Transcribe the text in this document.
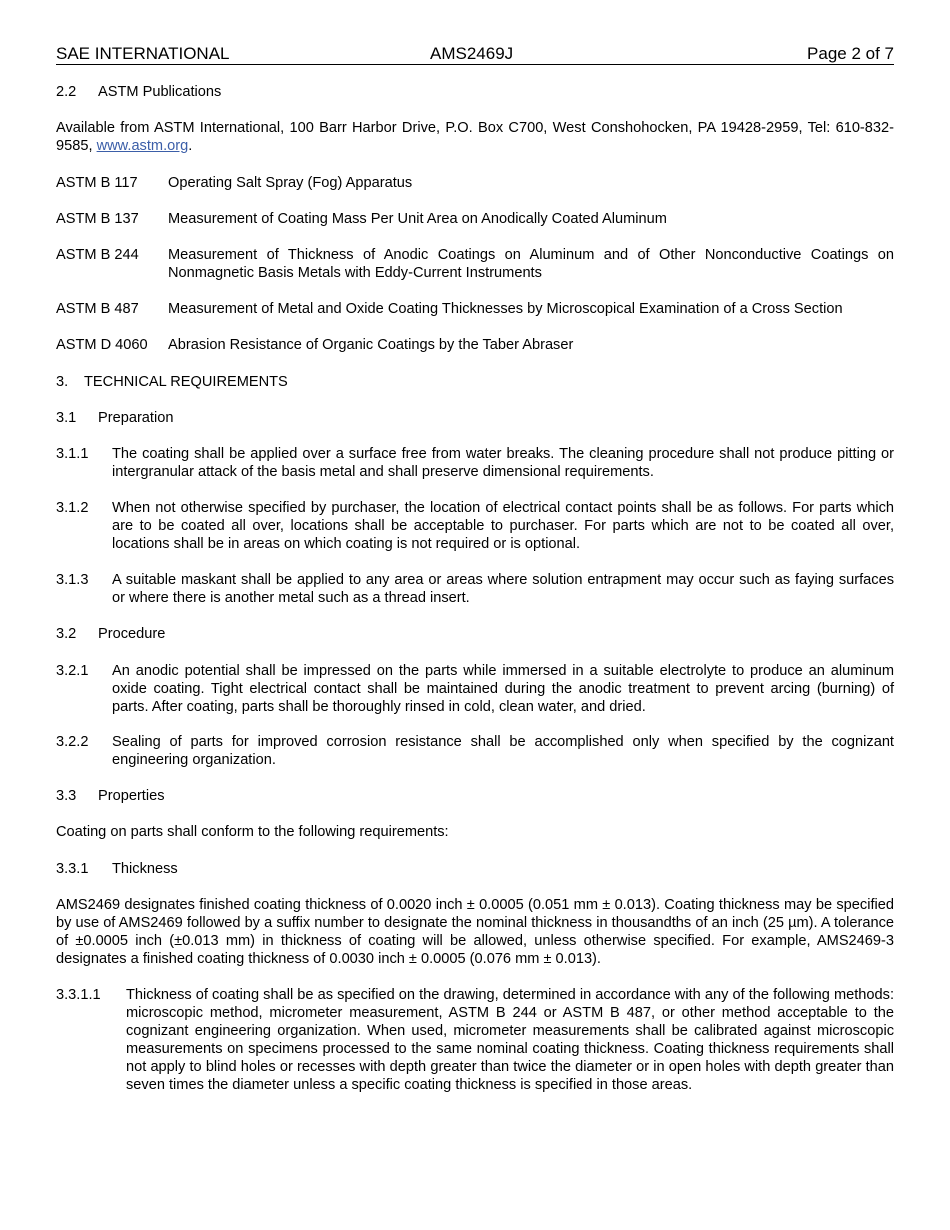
SAE INTERNATIONAL	AMS2469J	Page 2 of 7
2.2 ASTM Publications

Available from ASTM International, 100 Barr Harbor Drive, P.O. Box C700, West Conshohocken, PA 19428-2959, Tel: 610-832-9585, www.astm.org.
ASTM B 117 Operating Salt Spray (Fog) Apparatus
ASTM B 137 Measurement of Coating Mass Per Unit Area on Anodically Coated Aluminum
ASTM B 244 Measurement of Thickness of Anodic Coatings on Aluminum and of Other Nonconductive Coatings on Nonmagnetic Basis Metals with Eddy-Current Instruments
ASTM B 487 Measurement of Metal and Oxide Coating Thicknesses by Microscopical Examination of a Cross Section
ASTM D 4060 Abrasion Resistance of Organic Coatings by the Taber Abraser
3. TECHNICAL REQUIREMENTS

3.1 Preparation

3.1.1 The coating shall be applied over a surface free from water breaks. The cleaning procedure shall not produce pitting or intergranular attack of the basis metal and shall preserve dimensional requirements.
3.1.2 When not otherwise specified by purchaser, the location of electrical contact points shall be as follows. For parts which are to be coated all over, locations shall be acceptable to purchaser. For parts which are not to be coated all over, locations shall be in areas on which coating is not required or is optional.
3.1.3 A suitable maskant shall be applied to any area or areas where solution entrapment may occur such as faying surfaces or where there is another metal such as a thread insert.
3.2 Procedure

3.2.1 An anodic potential shall be impressed on the parts while immersed in a suitable electrolyte to produce an aluminum oxide coating. Tight electrical contact shall be maintained during the anodic treatment to prevent arcing (burning) of parts. After coating, parts shall be thoroughly rinsed in cold, clean water, and dried.
3.2.2 Sealing of parts for improved corrosion resistance shall be accomplished only when specified by the cognizant engineering organization.
3.3 Properties

Coating on parts shall conform to the following requirements:
3.3.1 Thickness

AMS2469 designates finished coating thickness of 0.0020 inch ± 0.0005 (0.051 mm ± 0.013). Coating thickness may be specified by use of AMS2469 followed by a suffix number to designate the nominal thickness in thousandths of an inch (25 µm). A tolerance of ±0.0005 inch (±0.013 mm) in thickness of coating will be allowed, unless otherwise specified. For example, AMS2469-3 designates a finished coating thickness of 0.0030 inch ± 0.0005 (0.076 mm ± 0.013).
3.3.1.1 Thickness of coating shall be as specified on the drawing, determined in accordance with any of the following methods: microscopic method, micrometer measurement, ASTM B 244 or ASTM B 487, or other method acceptable to the cognizant engineering organization. When used, micrometer measurements shall be calibrated against microscopic measurements on specimens processed to the same nominal coating thickness. Coating thickness requirements shall not apply to blind holes or recesses with depth greater than twice the diameter or in open holes with depth greater than seven times the diameter unless a specific coating thickness is specified in those areas.
